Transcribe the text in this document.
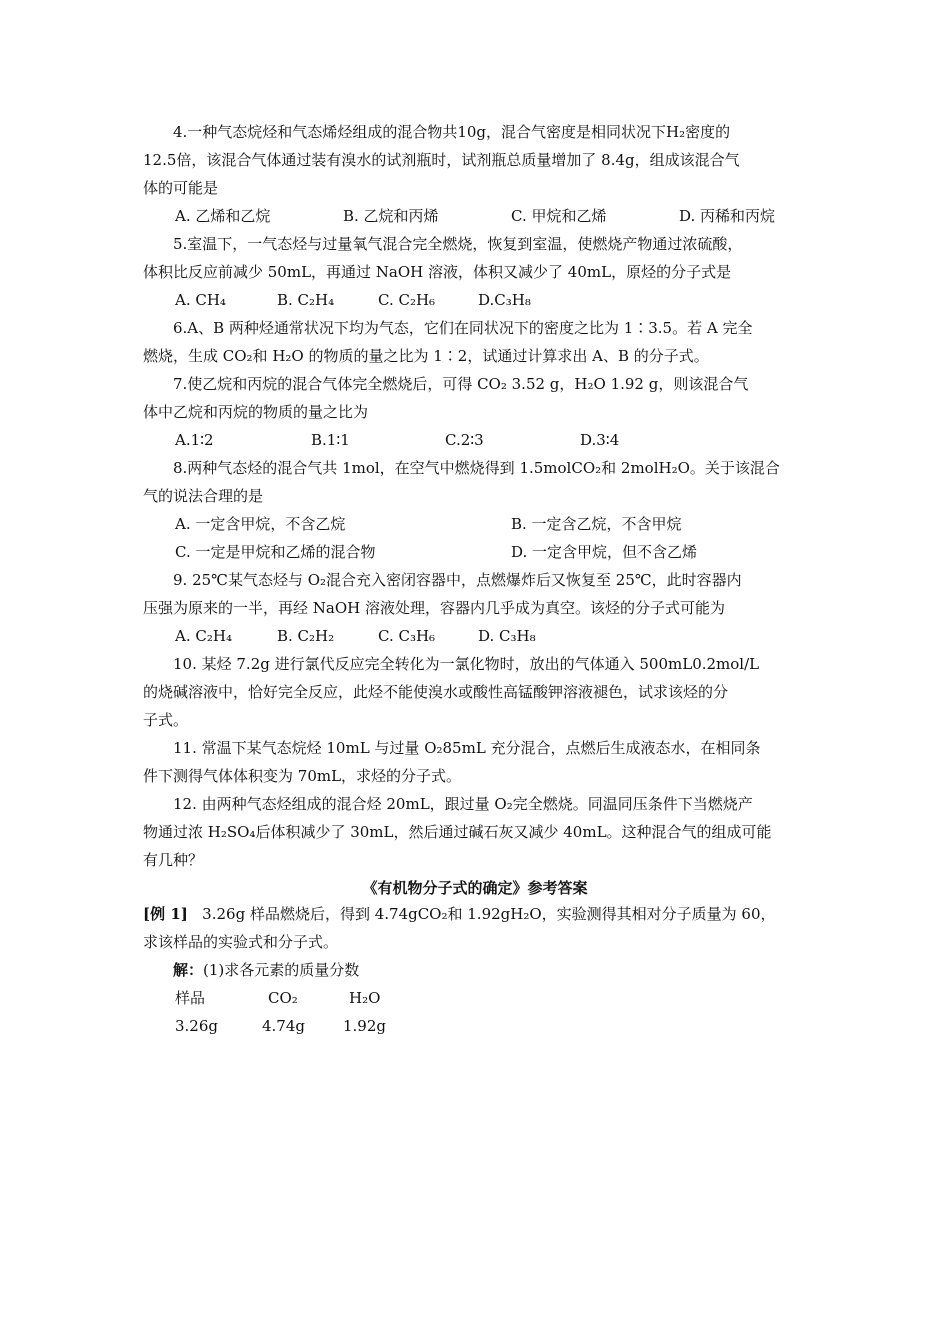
4.一种气态烷烃和气态烯烃组成的混合物共10g，混合气密度是相同状况下H₂密度的
12.5倍，该混合气体通过装有溴水的试剂瓶时，试剂瓶总质量增加了 8.4g，组成该混合气
体的可能是
A. 乙烯和乙烷	B. 乙烷和丙烯	C. 甲烷和乙烯	D. 丙稀和丙烷
5.室温下，一气态烃与过量氧气混合完全燃烧，恢复到室温，使燃烧产物通过浓硫酸，
体积比反应前减少 50mL，再通过 NaOH 溶液，体积又减少了 40mL，原烃的分子式是
A. CH₄	B. C₂H₄	C. C₂H₆	D.C₃H₈
6.A、B 两种烃通常状况下均为气态，它们在同状况下的密度之比为 1∶3.5。若 A 完全
燃烧，生成 CO₂和 H₂O 的物质的量之比为 1∶2，试通过计算求出 A、B 的分子式。
7.使乙烷和丙烷的混合气体完全燃烧后，可得 CO₂ 3.52 g，H₂O 1.92 g，则该混合气
体中乙烷和丙烷的物质的量之比为
A.1∶2	B.1∶1	C.2∶3	D.3∶4
8.两种气态烃的混合气共 1mol，在空气中燃烧得到 1.5molCO₂和 2molH₂O。关于该混合
气的说法合理的是
A. 一定含甲烷，不含乙烷	B. 一定含乙烷，不含甲烷
C. 一定是甲烷和乙烯的混合物	D. 一定含甲烷，但不含乙烯
9. 25℃某气态烃与 O₂混合充入密闭容器中，点燃爆炸后又恢复至 25℃，此时容器内
压强为原来的一半，再经 NaOH 溶液处理，容器内几乎成为真空。该烃的分子式可能为
A. C₂H₄	B. C₂H₂	C. C₃H₆	D. C₃H₈
10. 某烃 7.2g 进行氯代反应完全转化为一氯化物时，放出的气体通入 500mL0.2mol/L
的烧碱溶液中，恰好完全反应，此烃不能使溴水或酸性高锰酸钾溶液褪色，试求该烃的分
子式。
11. 常温下某气态烷烃 10mL 与过量 O₂85mL 充分混合，点燃后生成液态水，在相同条
件下测得气体体积变为 70mL，求烃的分子式。
12. 由两种气态烃组成的混合烃 20mL，跟过量 O₂完全燃烧。同温同压条件下当燃烧产
物通过浓 H₂SO₄后体积减少了 30mL，然后通过碱石灰又减少 40mL。这种混合气的组成可能
有几种？
《有机物分子式的确定》参考答案
[例 1] 3.26g 样品燃烧后，得到 4.74gCO₂和 1.92gH₂O，实验测得其相对分子质量为 60，
求该样品的实验式和分子式。
解：(1)求各元素的质量分数
样品	CO₂	H₂O
3.26g	4.74g	1.92g
